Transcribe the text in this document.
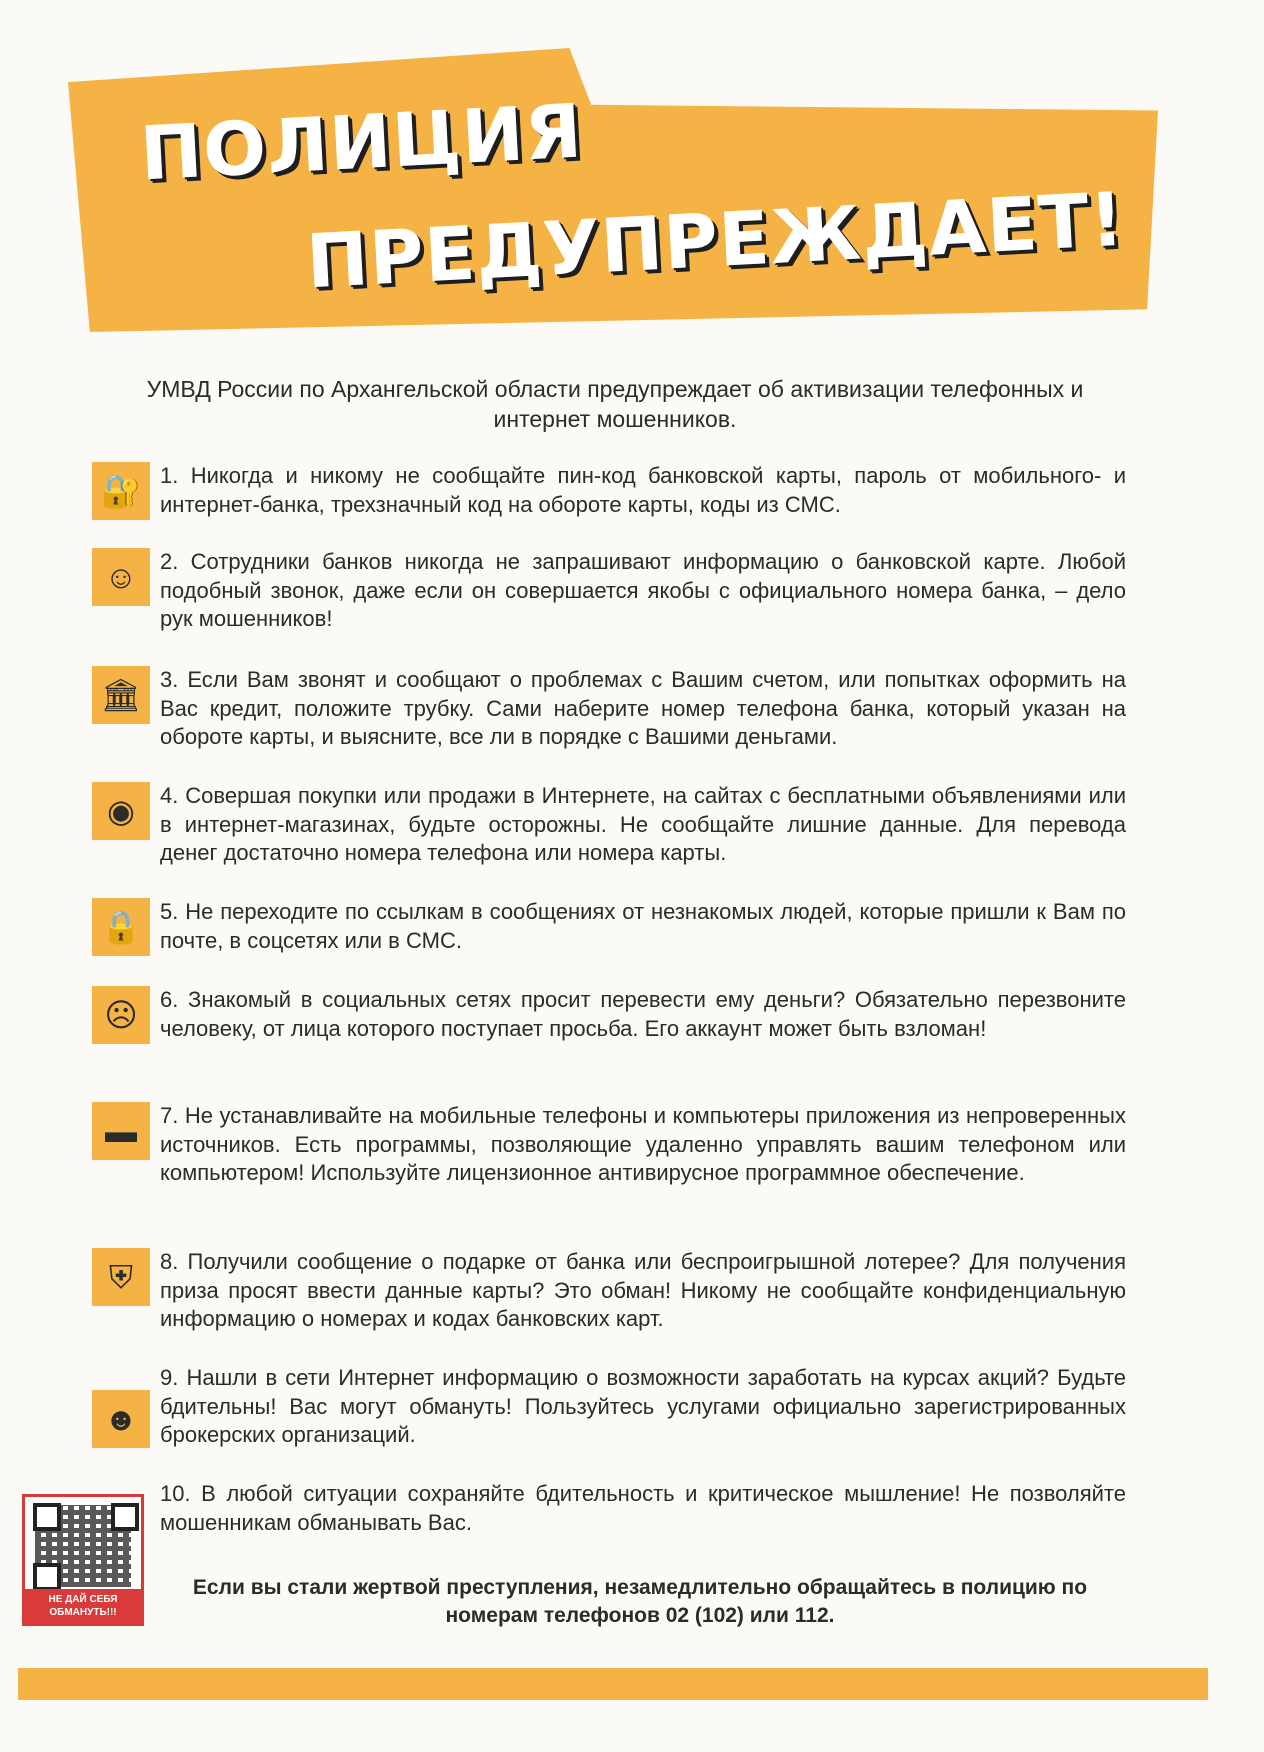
ПОЛИЦИЯ
ПРЕДУПРЕЖДАЕТ!
УМВД России по Архангельской области предупреждает об активизации телефонных и интернет мошенников.
🔐 1. Никогда и никому не сообщайте пин-код банковской карты, пароль от мобильного- и интернет-банка, трехзначный код на обороте карты, коды из СМС.
☺	2. Сотрудники банков никогда не запрашивают информацию о банковской карте. Любой подобный звонок, даже если он совершается якобы с официального номера банка, – дело рук мошенников!
🏛 3. Если Вам звонят и сообщают о проблемах с Вашим счетом, или попытках оформить на Вас кредит, положите трубку. Сами наберите номер телефона банка, который указан на обороте карты, и выясните, все ли в порядке с Вашими деньгами.
◉	4. Совершая покупки или продажи в Интернете, на сайтах с бесплатными объявлениями или в интернет-магазинах, будьте осторожны. Не сообщайте лишние данные. Для перевода денег достаточно номера телефона или номера карты.
🔒 5. Не переходите по ссылкам в сообщениях от незнакомых людей, которые пришли к Вам по почте, в соцсетях или в СМС.
☹	6. Знакомый в социальных сетях просит перевести ему деньги? Обязательно перезвоните человеку, от лица которого поступает просьба. Его аккаунт может быть взломан!
▬	7. Не устанавливайте на мобильные телефоны и компьютеры приложения из непроверенных источников. Есть программы, позволяющие удаленно управлять вашим телефоном или компьютером! Используйте лицензионное антивирусное программное обеспечение.
⛨	8. Получили сообщение о подарке от банка или беспроигрышной лотерее? Для получения приза просят ввести данные карты? Это обман! Никому не сообщайте конфиденциальную информацию о номерах и кодах банковских карт.
☻
9. Нашли в сети Интернет информацию о возможности заработать на курсах акций? Будьте бдительны! Вас могут обмануть! Пользуйтесь услугами официально зарегистрированных брокерских организаций.
10. В любой ситуации сохраняйте бдительность и критическое мышление! Не позволяйте мошенникам обманывать Вас.
НЕ ДАЙ СЕБЯ ОБМАНУТЬ!!!
Если вы стали жертвой преступления, незамедлительно обращайтесь в полицию по номерам телефонов 02 (102) или 112.
